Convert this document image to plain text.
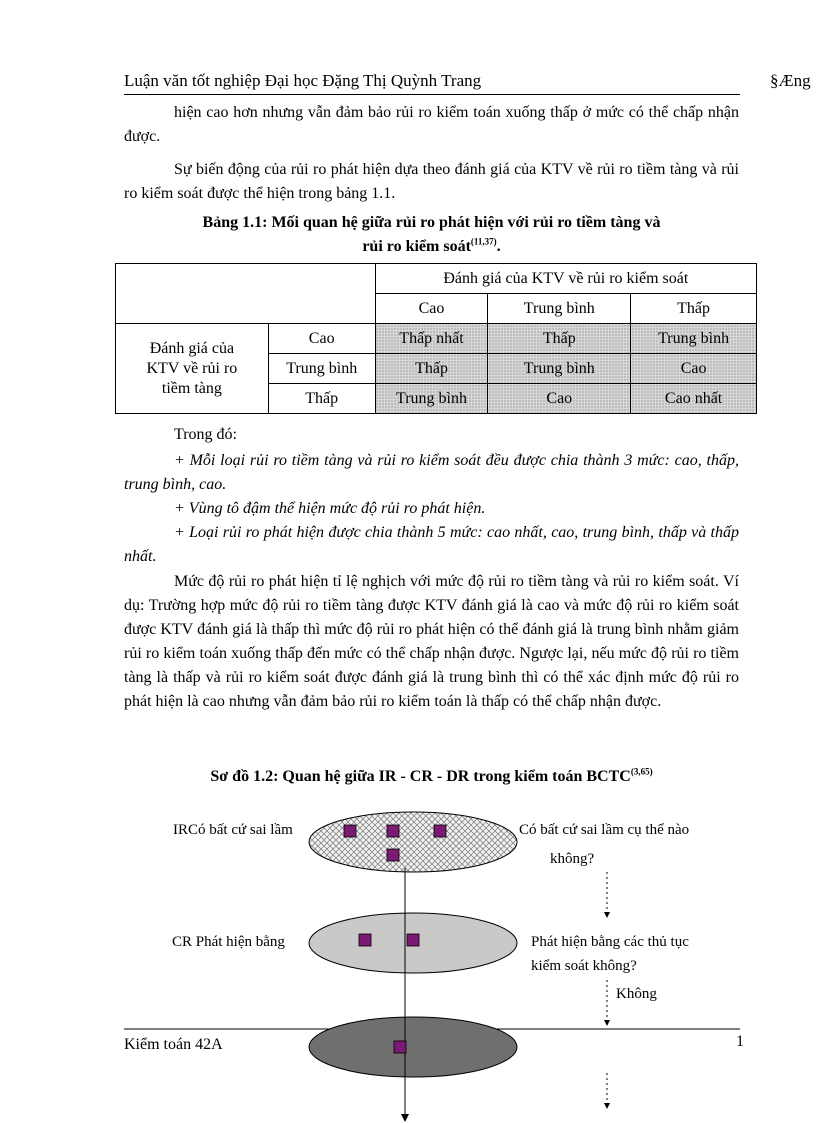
Luận văn tốt nghiệp Đại học Đặng Thị Quỳnh Trang	§Æng
hiện cao hơn nhưng vẫn đảm bảo rủi ro kiểm toán xuống thấp ở mức có thể chấp nhận được.
Sự biến động của rủi ro phát hiện dựa theo đánh giá của KTV về rủi ro tiềm tàng và rủi ro kiểm soát được thể hiện trong bảng 1.1.
Bảng 1.1: Mối quan hệ giữa rủi ro phát hiện với rủi ro tiềm tàng và
rủi ro kiểm soát$^{(11,37)}$.
		Đánh giá của KTV về rủi ro kiểm soát		
		Cao	Trung bình	Thấp
Đánh giá của KTV về rủi ro tiềm tàng	Cao	Thấp nhất	Thấp	Trung bình
	Trung bình	Thấp	Trung bình	Cao
	Thấp	Trung bình	Cao	Cao nhất
Trong đó:
+ Mỗi loại rủi ro tiềm tàng và rủi ro kiểm soát đều được chia thành 3 mức: cao, thấp, trung bình, cao.
+ Vùng tô đậm thể hiện mức độ rủi ro phát hiện.
+ Loại rủi ro phát hiện được chia thành 5 mức: cao nhất, cao, trung bình, thấp và thấp nhất.
Mức độ rủi ro phát hiện tỉ lệ nghịch với mức độ rủi ro tiềm tàng và rủi ro kiểm soát. Ví dụ: Trường hợp mức độ rủi ro tiềm tàng được KTV đánh giá là cao và mức độ rủi ro kiểm soát được KTV đánh giá là thấp thì mức độ rủi ro phát hiện có thể đánh giá là trung bình nhằm giảm rủi ro kiểm toán xuống thấp đến mức có thể chấp nhận được. Ngược lại, nếu mức độ rủi ro tiềm tàng là thấp và rủi ro kiểm soát được đánh giá là trung bình thì có thể xác định mức độ rủi ro phát hiện là cao nhưng vẫn đảm bảo rủi ro kiểm toán là thấp có thể chấp nhận được.
Sơ đồ 1.2: Quan hệ giữa IR - CR - DR trong kiểm toán BCTC$^{(3,65)}$
IRCó bất cứ sai lầm	Có bất cứ sai lầm cụ thể nào
không?
CR Phát hiện bằng	Phát hiện bằng các thủ tục
kiểm soát không?
Không
Kiểm toán 42A	1
